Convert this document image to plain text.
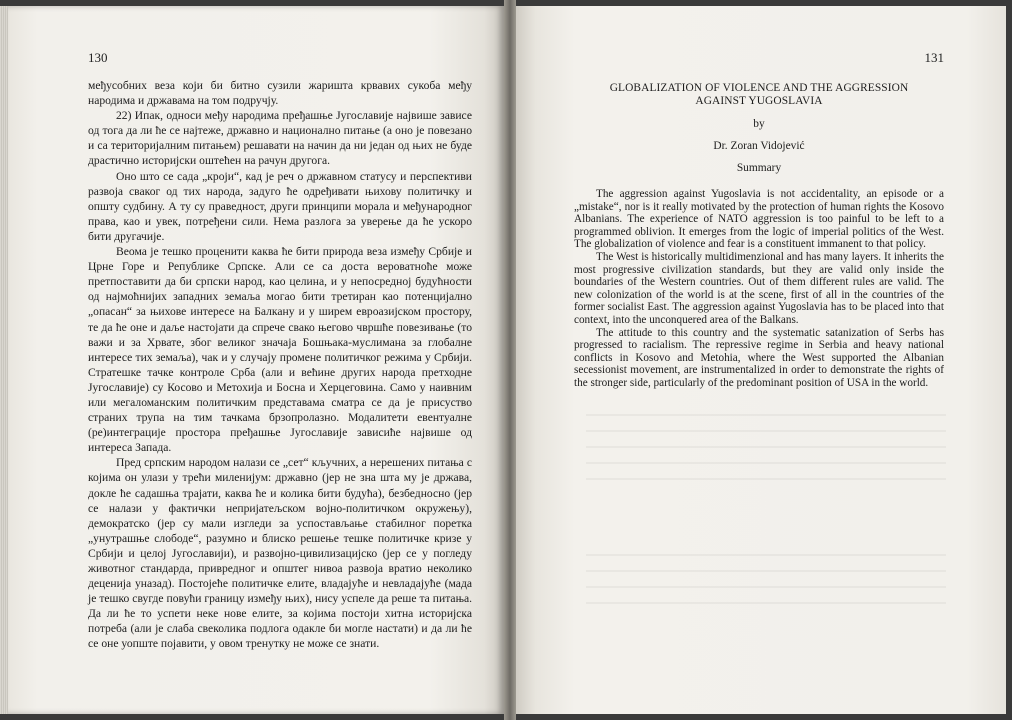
130

међусобних веза који би битно сузили жаришта крвавих сукоба међу народима и државама на том подручју.

22) Ипак, односи међу народима пређашње Југославије највише зависе од тога да ли ће се најтеже, државно и национално питање (а оно је повезано и са територијалним питањем) решавати на начин да ни један од њих не буде драстично историјски оштећен на рачун другога.

Оно што се сада „кроји“, кад је реч о државном статусу и перспективи развоја сваког од тих народа, задуго ће одређивати њихову политичку и општу судбину. А ту су праведност, други принципи морала и међународног права, као и увек, потређени сили. Нема разлога за уверење да ће ускоро бити другачије.

Веома је тешко проценити каква ће бити природа веза између Србије и Црне Горе и Републике Српске. Али се са доста вероватноће може претпоставити да би српски народ, као целина, и у непосредној будућности од најмоћнијих западних земаља могао бити третиран као потенцијално „опасан“ за њихове интересе на Балкану и у ширем евроазијском простору, те да ће оне и даље настојати да спрече свако његово чвршће повезивање (то важи и за Хрвате, због великог значаја Бошњака-муслимана за глобалне интересе тих земаља), чак и у случају промене политичког режима у Србији. Стратешке тачке контроле Срба (али и већине других народа претходне Југославије) су Косово и Метохија и Босна и Херцеговина. Само у наивним или мегаломанским политичким представама сматра се да је присуство страних трупа на тим тачкама брзопролазно. Модалитети евентуалне (ре)интеграције простора пређашње Југославије зависиће највише од интереса Запада.

Пред српским народом налази се „сет“ кључних, а нерешених питања с којима он улази у трећи миленијум: државно (јер не зна шта му је држава, докле ће садашња трајати, каква ће и колика бити будућа), безбедносно (јер се налази у фактички непријатељском војно-политичком окружењу), демократско (јер су мали изгледи за успостављање стабилног поретка „унутрашње слободе“, разумно и блиско решење тешке политичке кризе у Србији и целој Југославији), и развојно-цивилизацијско (јер се у погледу животног стандарда, привредног и општег нивоа развоја вратио неколико деценија уназад). Постојеће политичке елите, владајуће и невладајуће (мада је тешко свугде повући границу између њих), нису успеле да реше та питања. Да ли ће то успети неке нове елите, за којима постоји хитна историјска потреба (али је слаба свеколика подлога одакле би могле настати) и да ли ће се оне уопште појавити, у овом тренутку не може се знати.

131
GLOBALIZATION OF VIOLENCE AND THE AGGRESSION
AGAINST YUGOSLAVIA
by
Dr. Zoran Vidojević
Summary

The aggression against Yugoslavia is not accidentality, an episode or a „mistake“, nor is it really motivated by the protection of human rights the Kosovo Albanians. The experience of NATO aggression is too painful to be left to a programmed oblivion. It emerges from the logic of imperial politics of the West. The globalization of violence and fear is a constituent immanent to that policy.

The West is historically multidimenzional and has many layers. It inherits the most progressive civilization standards, but they are valid only inside the boundaries of the Western countries. Out of them different rules are valid. The new colonization of the world is at the scene, first of all in the countries of the former socialist East. The aggression against Yugoslavia has to be placed into that context, into the unconquered area of the Balkans.

The attitude to this country and the systematic satanization of Serbs has progressed to racialism. The repressive regime in Serbia and heavy national conflicts in Kosovo and Metohia, where the West supported the Albanian secessionist movement, are instrumentalized in order to demonstrate the rights of the stronger side, particularly of the predominant position of USA in the world.
